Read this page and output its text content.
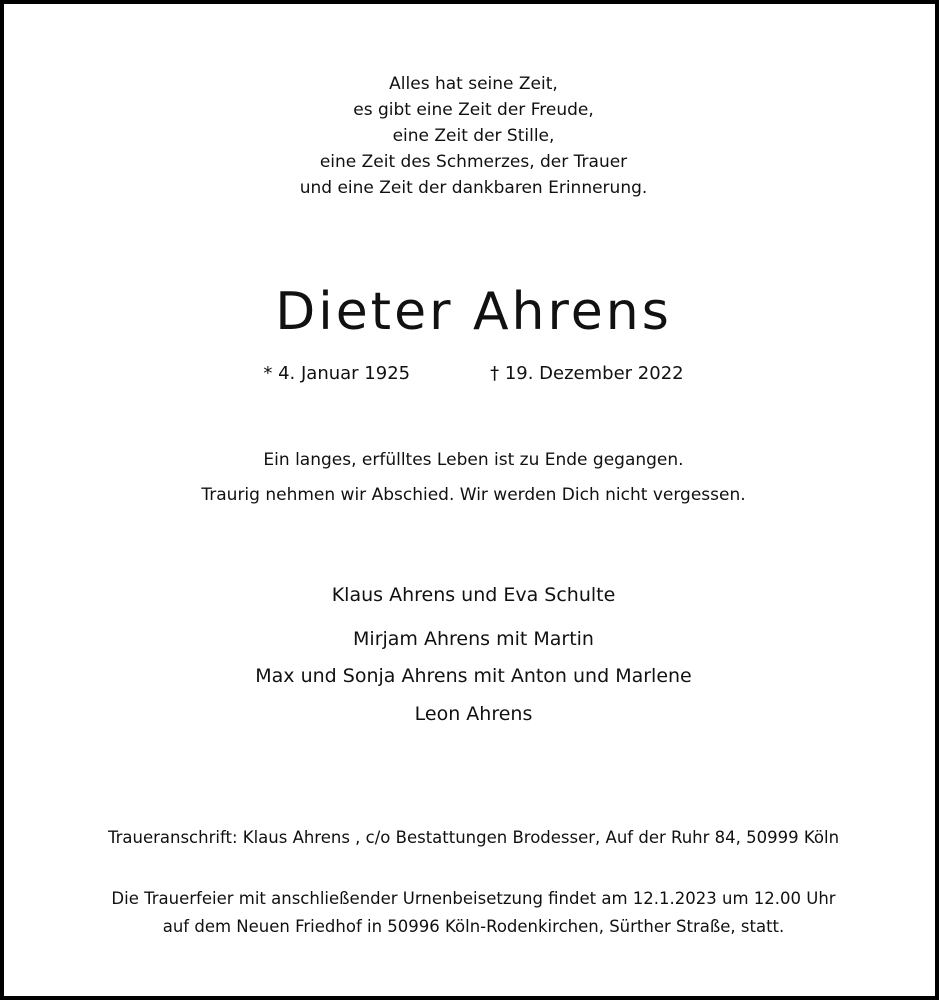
Alles hat seine Zeit,
es gibt eine Zeit der Freude,
eine Zeit der Stille,
eine Zeit des Schmerzes, der Trauer
und eine Zeit der dankbaren Erinnerung.
Dieter Ahrens
* 4. Januar 1925	† 19. Dezember 2022
Ein langes, erfülltes Leben ist zu Ende gegangen.
Traurig nehmen wir Abschied. Wir werden Dich nicht vergessen.
Klaus Ahrens und Eva Schulte
Mirjam Ahrens mit Martin
Max und Sonja Ahrens mit Anton und Marlene
Leon Ahrens
Traueranschrift: Klaus Ahrens , c/o Bestattungen Brodesser, Auf der Ruhr 84, 50999 Köln
Die Trauerfeier mit anschließender Urnenbeisetzung findet am 12.1.2023 um 12.00 Uhr
auf dem Neuen Friedhof in 50996 Köln-Rodenkirchen, Sürther Straße, statt.
